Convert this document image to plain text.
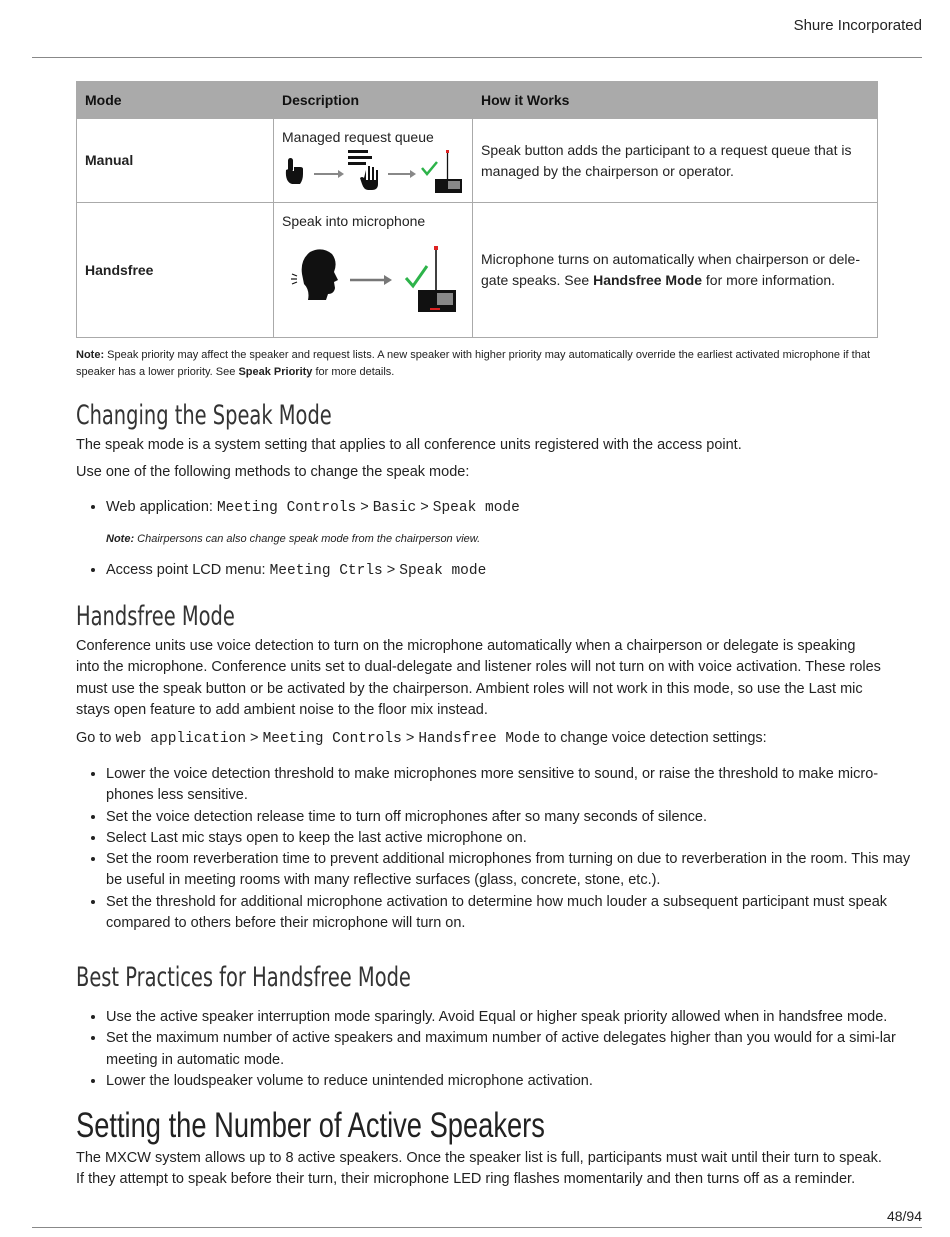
Shure Incorporated
Mode	Description	How it Works
Manual	Managed request queue	Speak button adds the participant to a request queue that is managed by the chairperson or operator.
Handsfree	Speak into microphone	Microphone turns on automatically when chairperson or dele-gate speaks. See Handsfree Mode for more information.
Note: Speak priority may affect the speaker and request lists. A new speaker with higher priority may automatically override the earliest activated microphone if that speaker has a lower priority. See Speak Priority for more details.
Changing the Speak Mode

The speak mode is a system setting that applies to all conference units registered with the access point.

Use one of the following methods to change the speak mode:

• Web application: Meeting Controls > Basic > Speak mode
Note: Chairpersons can also change speak mode from the chairperson view.
• Access point LCD menu: Meeting Ctrls > Speak mode
Handsfree Mode

Conference units use voice detection to turn on the microphone automatically when a chairperson or delegate is speaking into the microphone. Conference units set to dual-delegate and listener roles will not turn on with voice activation. These roles must use the speak button or be activated by the chairperson. Ambient roles will not work in this mode, so use the Last mic stays open feature to add ambient noise to the floor mix instead.

Go to web application > Meeting Controls > Handsfree Mode to change voice detection settings:

• Lower the voice detection threshold to make microphones more sensitive to sound, or raise the threshold to make micro-phones less sensitive.
• Set the voice detection release time to turn off microphones after so many seconds of silence.
• Select Last mic stays open to keep the last active microphone on.
• Set the room reverberation time to prevent additional microphones from turning on due to reverberation in the room. This may be useful in meeting rooms with many reflective surfaces (glass, concrete, stone, etc.).
• Set the threshold for additional microphone activation to determine how much louder a subsequent participant must speak compared to others before their microphone will turn on.
Best Practices for Handsfree Mode
• Use the active speaker interruption mode sparingly. Avoid Equal or higher speak priority allowed when in handsfree mode.
• Set the maximum number of active speakers and maximum number of active delegates higher than you would for a simi-lar meeting in automatic mode.
• Lower the loudspeaker volume to reduce unintended microphone activation.
Setting the Number of Active Speakers

The MXCW system allows up to 8 active speakers. Once the speaker list is full, participants must wait until their turn to speak. If they attempt to speak before their turn, their microphone LED ring flashes momentarily and then turns off as a reminder.

48/94
